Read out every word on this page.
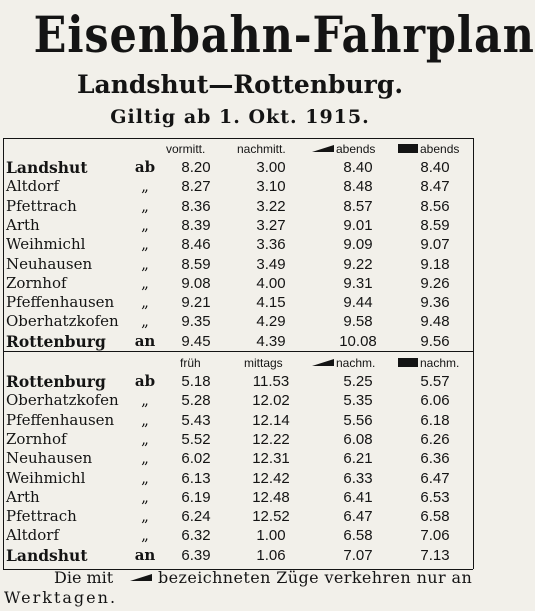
Eisenbahn-Fahrplan
Landshut—Rottenburg.
Giltig ab 1. Okt. 1915.
vormitt.	nachmitt.	abends	abends
Landshut	ab	8.20	3.00	8.40	8.40
Altdorf	„	8.27	3.10	8.48	8.47
Pfettrach	„	8.36	3.22	8.57	8.56
Arth	„	8.39	3.27	9.01	8.59
Weihmichl	„	8.46	3.36	9.09	9.07
Neuhausen	„	8.59	3.49	9.22	9.18
Zornhof	„	9.08	4.00	9.31	9.26
Pfeffenhausen	„	9.21	4.15	9.44	9.36
Oberhatzkofen	„	9.35	4.29	9.58	9.48
Rottenburg	an	9.45	4.39	10.08	9.56
früh	mittags	nachm.	nachm.
Rottenburg	ab	5.18	11.53	5.25	5.57
Oberhatzkofen	„	5.28	12.02	5.35	6.06
Pfeffenhausen	„	5.43	12.14	5.56	6.18
Zornhof	„	5.52	12.22	6.08	6.26
Neuhausen	„	6.02	12.31	6.21	6.36
Weihmichl	„	6.13	12.42	6.33	6.47
Arth	„	6.19	12.48	6.41	6.53
Pfettrach	„	6.24	12.52	6.47	6.58
Altdorf	„	6.32	1.00	6.58	7.06
Landshut	an	6.39	1.06	7.07	7.13
Die mit	bezeichneten Züge verkehren nur an
Werktagen.
